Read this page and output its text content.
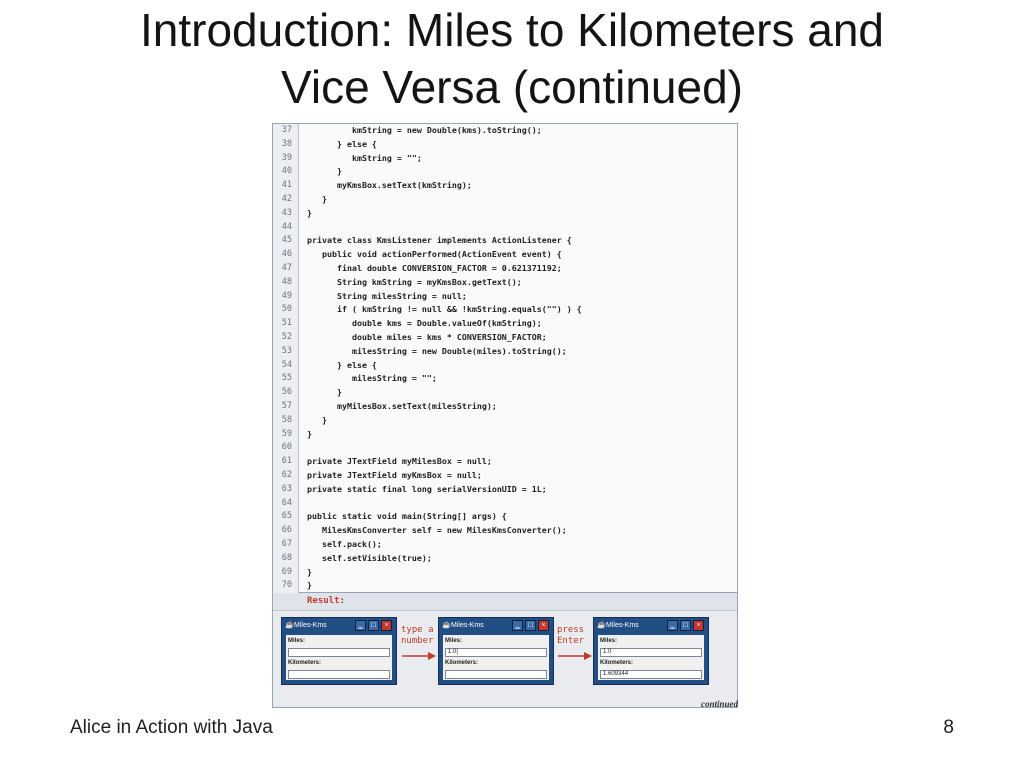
Introduction: Miles to Kilometers and
Vice Versa (continued)
37	kmString = new Double(kms).toString();
38	} else {
39	kmString = "";
40	}
41	myKmsBox.setText(kmString);
42	}
43	}
44
45	private class KmsListener implements ActionListener {
46	public void actionPerformed(ActionEvent event) {
47	final double CONVERSION_FACTOR = 0.621371192;
48	String kmString = myKmsBox.getText();
49	String milesString = null;
50	if ( kmString != null && !kmString.equals("") ) {
51	double kms = Double.valueOf(kmString);
52	double miles = kms * CONVERSION_FACTOR;
53	milesString = new Double(miles).toString();
54	} else {
55	milesString = "";
56	}
57	myMilesBox.setText(milesString);
58	}
59	}
60
61	private JTextField myMilesBox = null;
62	private JTextField myKmsBox = null;
63	private static final long serialVersionUID = 1L;
64
65	public static void main(String[] args) {
66	MilesKmsConverter self = new MilesKmsConverter();
67	self.pack();
68	self.setVisible(true);
69	}
70	}
Result:
☕ Miles-Kms	‗	□	×
Miles:
Kilometers:
type a
number
☕ Miles-Kms	‗	□	×
Miles:
1.0|
Kilometers:
press
Enter
☕ Miles-Kms	‗	□	×
Miles:
1.0
Kilometers:
1.609344
continued
Alice in Action with Java	8
